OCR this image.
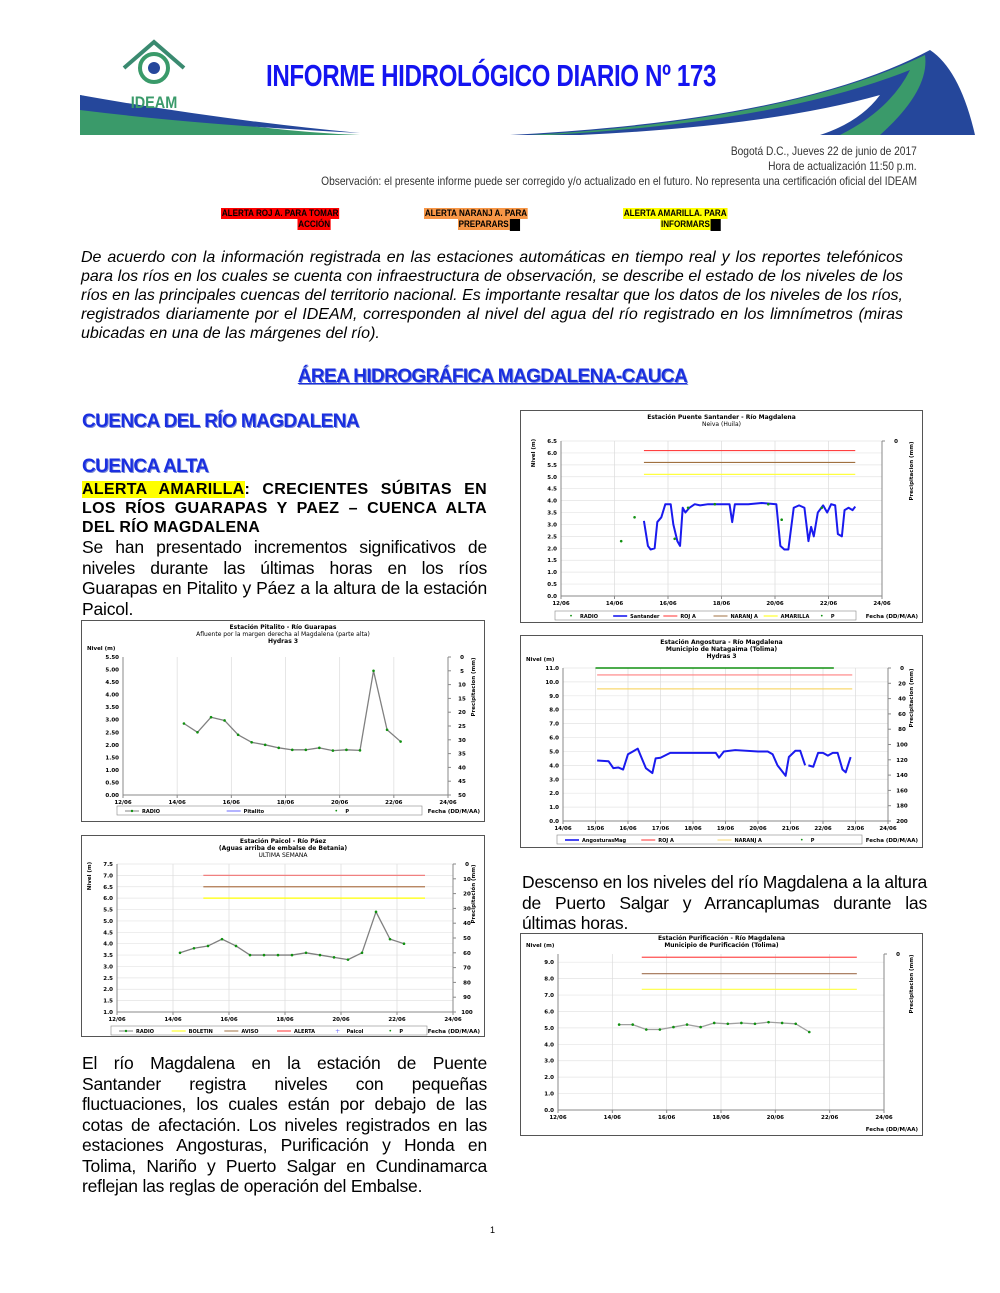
IDEAM
INFORME HIDROLÓGICO DIARIO Nº 173
Bogotá D.C., Jueves 22 de junio de 2017
Hora de actualización 11:50 p.m.
Observación: el presente informe puede ser corregido y/o actualizado en el futuro. No representa una certificación oficial del IDEAM
ALERTA ROJ A. PARA TOMAR
ACCIÓN
ALERTA NARANJ A. PARA
PREPARARS
ALERTA AMARILLA. PARA
INFORMARS
De acuerdo con la información registrada en las estaciones automáticas en tiempo real y los reportes telefónicos para los ríos en los cuales se cuenta con infraestructura de observación, se describe el estado de los niveles de los ríos en las principales cuencas del territorio nacional. Es importante resaltar que los datos de los niveles de los ríos, registrados diariamente por el IDEAM, corresponden al nivel del agua del río registrado en los limnímetros (miras ubicadas en una de las márgenes del río).
ÁREA HIDROGRÁFICA MAGDALENA-CAUCA
CUENCA DEL RÍO MAGDALENA
CUENCA ALTA
ALERTA AMARILLA: CRECIENTES SÚBITAS EN LOS RÍOS GUARAPAS Y PAEZ – CUENCA ALTA DEL RÍO MAGDALENA
Se han presentado incrementos significativos de niveles durante las últimas horas en los ríos Guarapas en Pitalito y Páez a la altura de la estación Paicol.
El río Magdalena en la estación de Puente Santander registra niveles con pequeñas fluctuaciones, los cuales están por debajo de las cotas de afectación. Los niveles registrados en las estaciones Angosturas, Purificación y Honda en Tolima, Nariño y Puerto Salgar en Cundinamarca reflejan las reglas de operación del Embalse.
Descenso en los niveles del río Magdalena a la altura de Puerto Salgar y Arrancaplumas durante las últimas horas.
Estación Pitalito - Río Guarapas
Afluente por la margen derecha al Magdalena (parte alta)
Hydras 3
0.00
0.50
1.00
1.50
2.00
2.50
3.00
3.50
4.00
4.50
5.00
5.50
12/06	14/06	16/06	18/06	20/06	22/06	24/06
0
5
10
15
20
25
30
35
40
45
50
Precipitacion (mm)
Nivel (m)
Fecha (DD/M/AA)
RADIO	Pitalito	• P
Estación Paicol - Río Páez
(Aguas arriba de embalse de Betania)
ULTIMA SEMANA
1.0
1.5
2.0
2.5
3.0
3.5
4.0
4.5
5.0
5.5
6.0
6.5
7.0
7.5
12/06	14/06	16/06	18/06	20/06	22/06	24/06
0
10
20
30
40
50
60
70
80
90
100
Precipitación (mm)
Nivel (m)
Fecha (DD/M/AA)
RADIO	BOLETIN	AVISO	ALERTA	+ Paicol	• P
Estación Puente Santander - Río Magdalena
Neiva (Huila)
0.0
0.5
1.0
1.5
2.0
2.5
3.0
3.5
4.0
4.5
5.0
5.5
6.0
6.5
12/06	14/06	16/06	18/06	20/06	22/06	24/06
0 Precipitacion (mm)
Nivel (m)
Fecha (DD/M/AA)
• RADIO	Santander	ROJ A	NARANJ A	AMARILLA • P
Estación Angostura - Río Magdalena
Municipio de Natagaima (Tolima)
Hydras 3
0.0
1.0
2.0
3.0
4.0
5.0
6.0
7.0
8.0
9.0
10.0
11.0
14/06	15/06	16/06	17/06	18/06	19/06	20/06	21/06	22/06	23/06	24/06
0
20
40
60
80
100
120
140
160
180
200
Precipitacion (mm)
Nivel (m)
Fecha (DD/M/AA)
AngosturasMag	ROJ A	NARANJ A	• P
Estación Purificación - Río Magdalena
Municipio de Purificación (Tolima)
0.0
1.0
2.0
3.0
4.0
5.0
6.0
7.0
8.0
9.0
12/06	14/06	16/06	18/06	20/06	22/06	24/06
0 Precipitacion (mm)
Nivel (m)
Fecha (DD/M/AA)
1
